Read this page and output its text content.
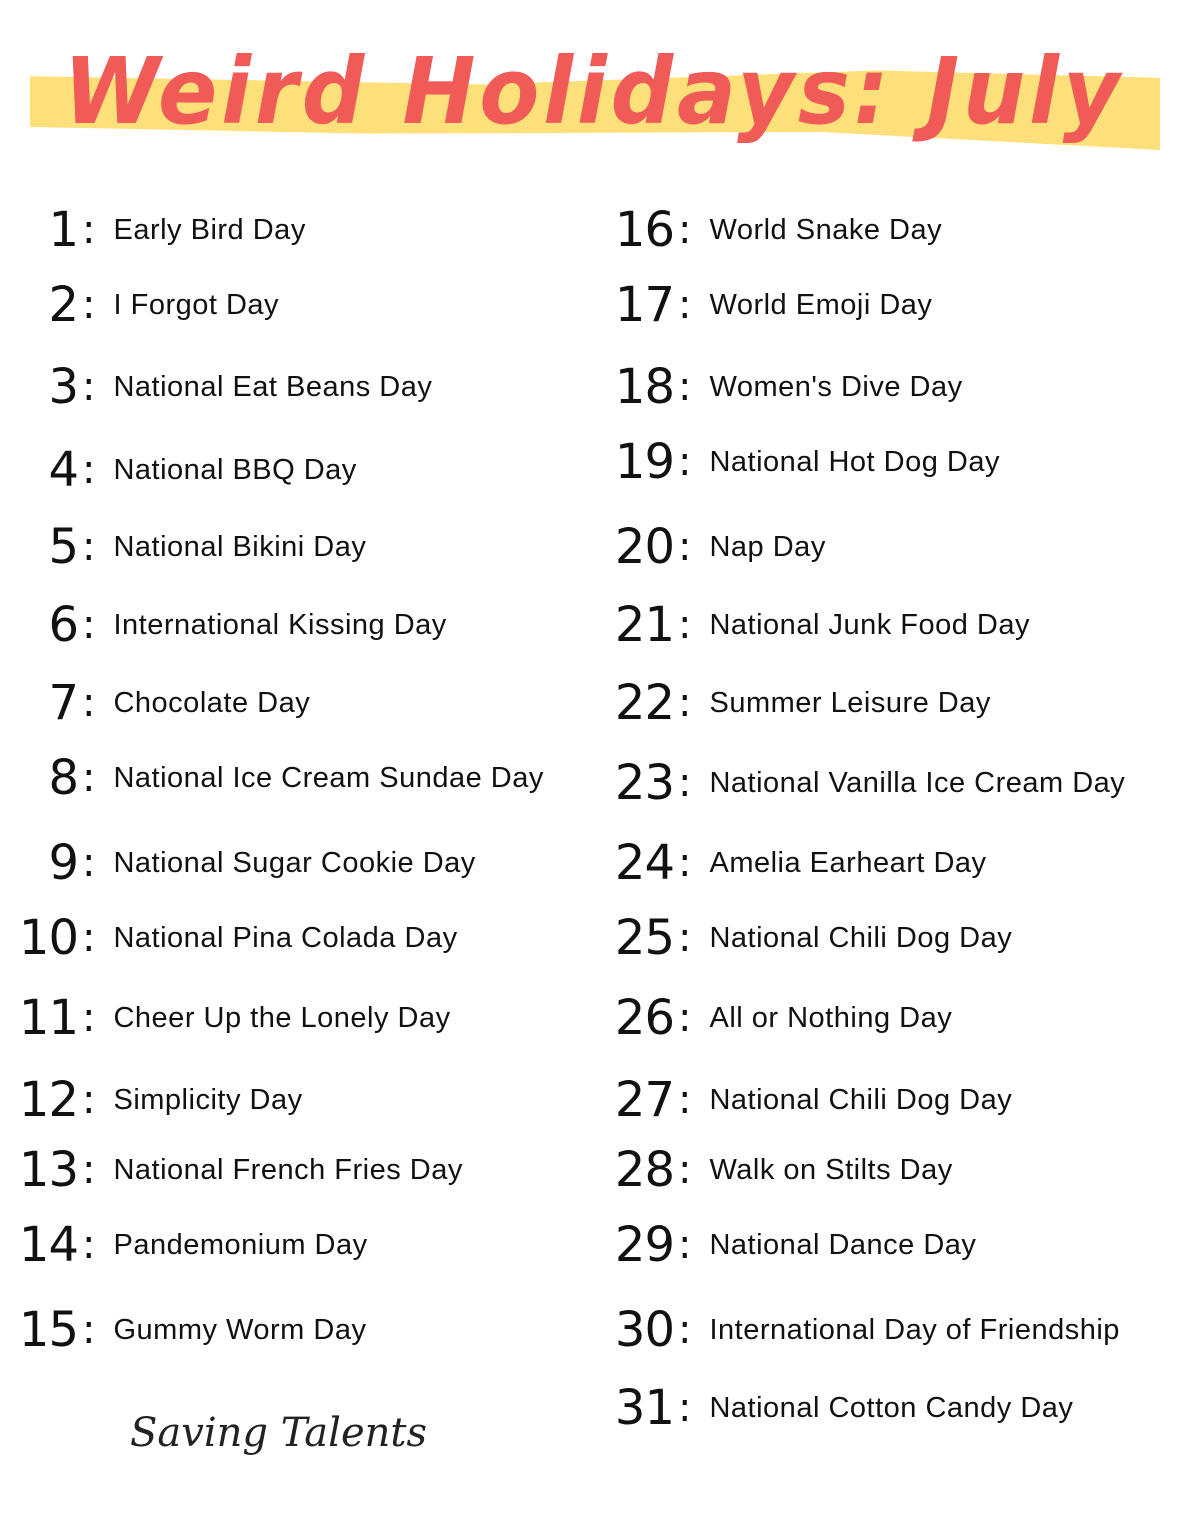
Weird Holidays: July
1 : Early Bird Day
2 : I Forgot Day
3 : National Eat Beans Day
4 : National BBQ Day
5 : National Bikini Day
6 : International Kissing Day
7 : Chocolate Day
8 : National Ice Cream Sundae Day
9 : National Sugar Cookie Day
10 : National Pina Colada Day
11 : Cheer Up the Lonely Day
12 : Simplicity Day
13 : National French Fries Day
14 : Pandemonium Day
15 : Gummy Worm Day
16 : World Snake Day
17 : World Emoji Day
18 : Women's Dive Day
19 : National Hot Dog Day
20 : Nap Day
21 : National Junk Food Day
22 : Summer Leisure Day
23 : National Vanilla Ice Cream Day
24 : Amelia Earheart Day
25 : National Chili Dog Day
26 : All or Nothing Day
27 : National Chili Dog Day
28 : Walk on Stilts Day
29 : National Dance Day
30 : International Day of Friendship
31 : National Cotton Candy Day
Saving Talents
